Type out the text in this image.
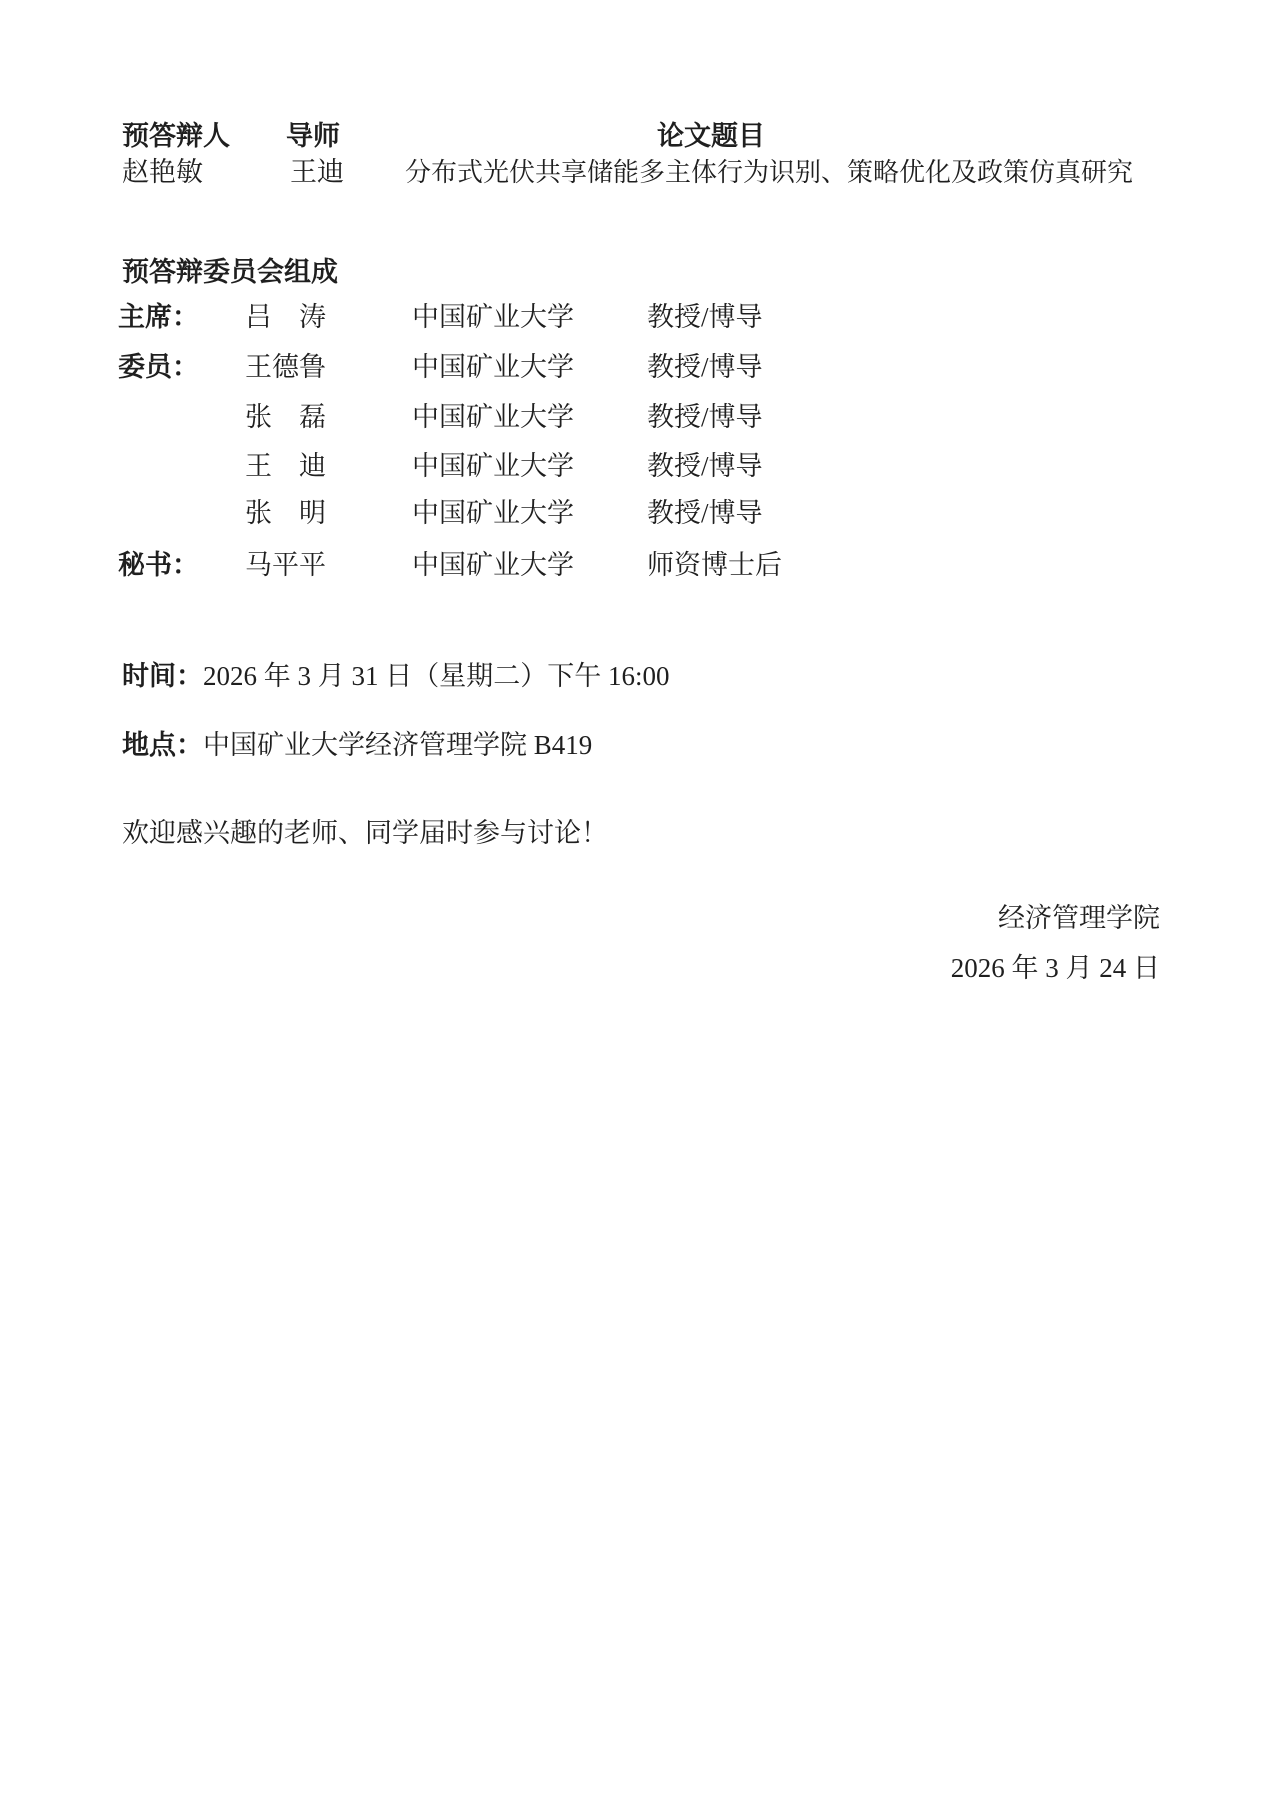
预答辩人 导师	论文题目
赵艳敏	王迪 分布式光伏共享储能多主体行为识别、策略优化及政策仿真研究
预答辩委员会组成
主席： 吕　涛	中国矿业大学	教授/博导
委员： 王德鲁	中国矿业大学	教授/博导
张　磊	中国矿业大学	教授/博导
王　迪	中国矿业大学	教授/博导
张　明	中国矿业大学	教授/博导
秘书： 马平平	中国矿业大学	师资博士后
时间：2026 年 3 月 31 日（星期二）下午 16:00
地点：中国矿业大学经济管理学院 B419
欢迎感兴趣的老师、同学届时参与讨论！
经济管理学院
2026 年 3 月 24 日
